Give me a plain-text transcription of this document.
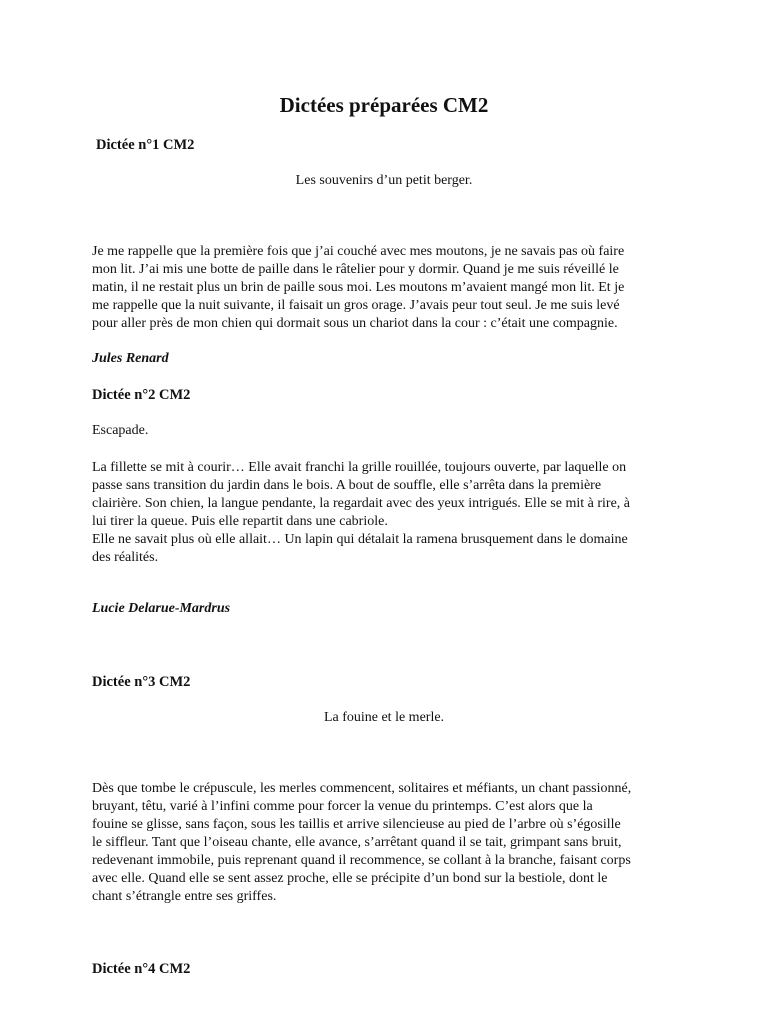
Dictées préparées CM2
Dictée n°1 CM2
Les souvenirs d’un petit berger.
Je me rappelle que la première fois que j’ai couché avec mes moutons, je ne savais pas où faire
mon lit. J’ai mis une botte de paille dans le râtelier pour y dormir. Quand je me suis réveillé le
matin, il ne restait plus un brin de paille sous moi. Les moutons m’avaient mangé mon lit. Et je
me rappelle que la nuit suivante, il faisait un gros orage. J’avais peur tout seul. Je me suis levé
pour aller près de mon chien qui dormait sous un chariot dans la cour : c’était une compagnie.
Jules Renard
Dictée n°2 CM2
Escapade.
La fillette se mit à courir… Elle avait franchi la grille rouillée, toujours ouverte, par laquelle on
passe sans transition du jardin dans le bois. A bout de souffle, elle s’arrêta dans la première
clairière. Son chien, la langue pendante, la regardait avec des yeux intrigués. Elle se mit à rire, à
lui tirer la queue. Puis elle repartit dans une cabriole.
Elle ne savait plus où elle allait… Un lapin qui détalait la ramena brusquement dans le domaine
des réalités.
Lucie Delarue-Mardrus
Dictée n°3 CM2
La fouine et le merle.
Dès que tombe le crépuscule, les merles commencent, solitaires et méfiants, un chant passionné,
bruyant, têtu, varié à l’infini comme pour forcer la venue du printemps. C’est alors que la
fouine se glisse, sans façon, sous les taillis et arrive silencieuse au pied de l’arbre où s’égosille
le siffleur. Tant que l’oiseau chante, elle avance, s’arrêtant quand il se tait, grimpant sans bruit,
redevenant immobile, puis reprenant quand il recommence, se collant à la branche, faisant corps
avec elle. Quand elle se sent assez proche, elle se précipite d’un bond sur la bestiole, dont le
chant s’étrangle entre ses griffes.
Dictée n°4 CM2
